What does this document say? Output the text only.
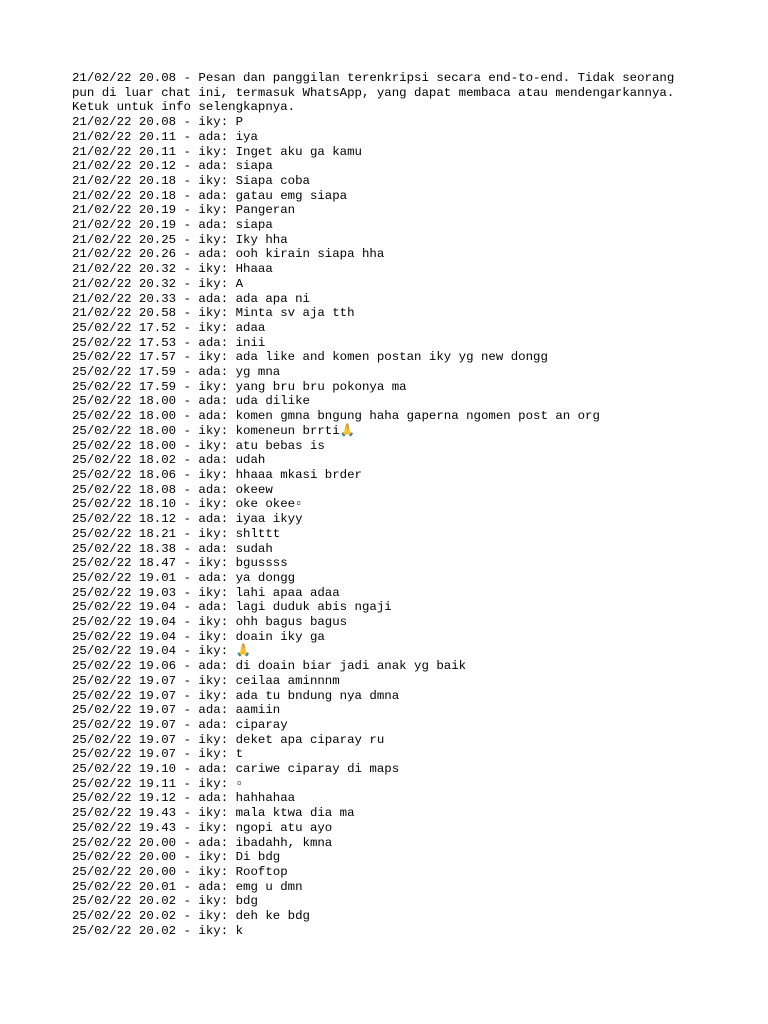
21/02/22 20.08 - Pesan dan panggilan terenkripsi secara end-to-end. Tidak seorang
pun di luar chat ini, termasuk WhatsApp, yang dapat membaca atau mendengarkannya.
Ketuk untuk info selengkapnya.
21/02/22 20.08 - iky: P
21/02/22 20.11 - ada: iya
21/02/22 20.11 - iky: Inget aku ga kamu
21/02/22 20.12 - ada: siapa
21/02/22 20.18 - iky: Siapa coba
21/02/22 20.18 - ada: gatau emg siapa
21/02/22 20.19 - iky: Pangeran
21/02/22 20.19 - ada: siapa
21/02/22 20.25 - iky: Iky hha
21/02/22 20.26 - ada: ooh kirain siapa hha
21/02/22 20.32 - iky: Hhaaa
21/02/22 20.32 - iky: A
21/02/22 20.33 - ada: ada apa ni
21/02/22 20.58 - iky: Minta sv aja tth
25/02/22 17.52 - iky: adaa
25/02/22 17.53 - ada: inii
25/02/22 17.57 - iky: ada like and komen postan iky yg new dongg
25/02/22 17.59 - ada: yg mna
25/02/22 17.59 - iky: yang bru bru pokonya ma
25/02/22 18.00 - ada: uda dilike
25/02/22 18.00 - ada: komen gmna bngung haha gaperna ngomen post an org
25/02/22 18.00 - iky: komeneun brrti🙏
25/02/22 18.00 - iky: atu bebas is
25/02/22 18.02 - ada: udah
25/02/22 18.06 - iky: hhaaa mkasi brder
25/02/22 18.08 - ada: okeew
25/02/22 18.10 - iky: oke okee▫
25/02/22 18.12 - ada: iyaa ikyy
25/02/22 18.21 - iky: shlttt
25/02/22 18.38 - ada: sudah
25/02/22 18.47 - iky: bgussss
25/02/22 19.01 - ada: ya dongg
25/02/22 19.03 - iky: lahi apaa adaa
25/02/22 19.04 - ada: lagi duduk abis ngaji
25/02/22 19.04 - iky: ohh bagus bagus
25/02/22 19.04 - iky: doain iky ga
25/02/22 19.04 - iky: 🙏
25/02/22 19.06 - ada: di doain biar jadi anak yg baik
25/02/22 19.07 - iky: ceilaa aminnnm
25/02/22 19.07 - iky: ada tu bndung nya dmna
25/02/22 19.07 - ada: aamiin
25/02/22 19.07 - ada: ciparay
25/02/22 19.07 - iky: deket apa ciparay ru
25/02/22 19.07 - iky: t
25/02/22 19.10 - ada: cariwe ciparay di maps
25/02/22 19.11 - iky: ▫
25/02/22 19.12 - ada: hahhahaa
25/02/22 19.43 - iky: mala ktwa dia ma
25/02/22 19.43 - iky: ngopi atu ayo
25/02/22 20.00 - ada: ibadahh, kmna
25/02/22 20.00 - iky: Di bdg
25/02/22 20.00 - iky: Rooftop
25/02/22 20.01 - ada: emg u dmn
25/02/22 20.02 - iky: bdg
25/02/22 20.02 - iky: deh ke bdg
25/02/22 20.02 - iky: k
